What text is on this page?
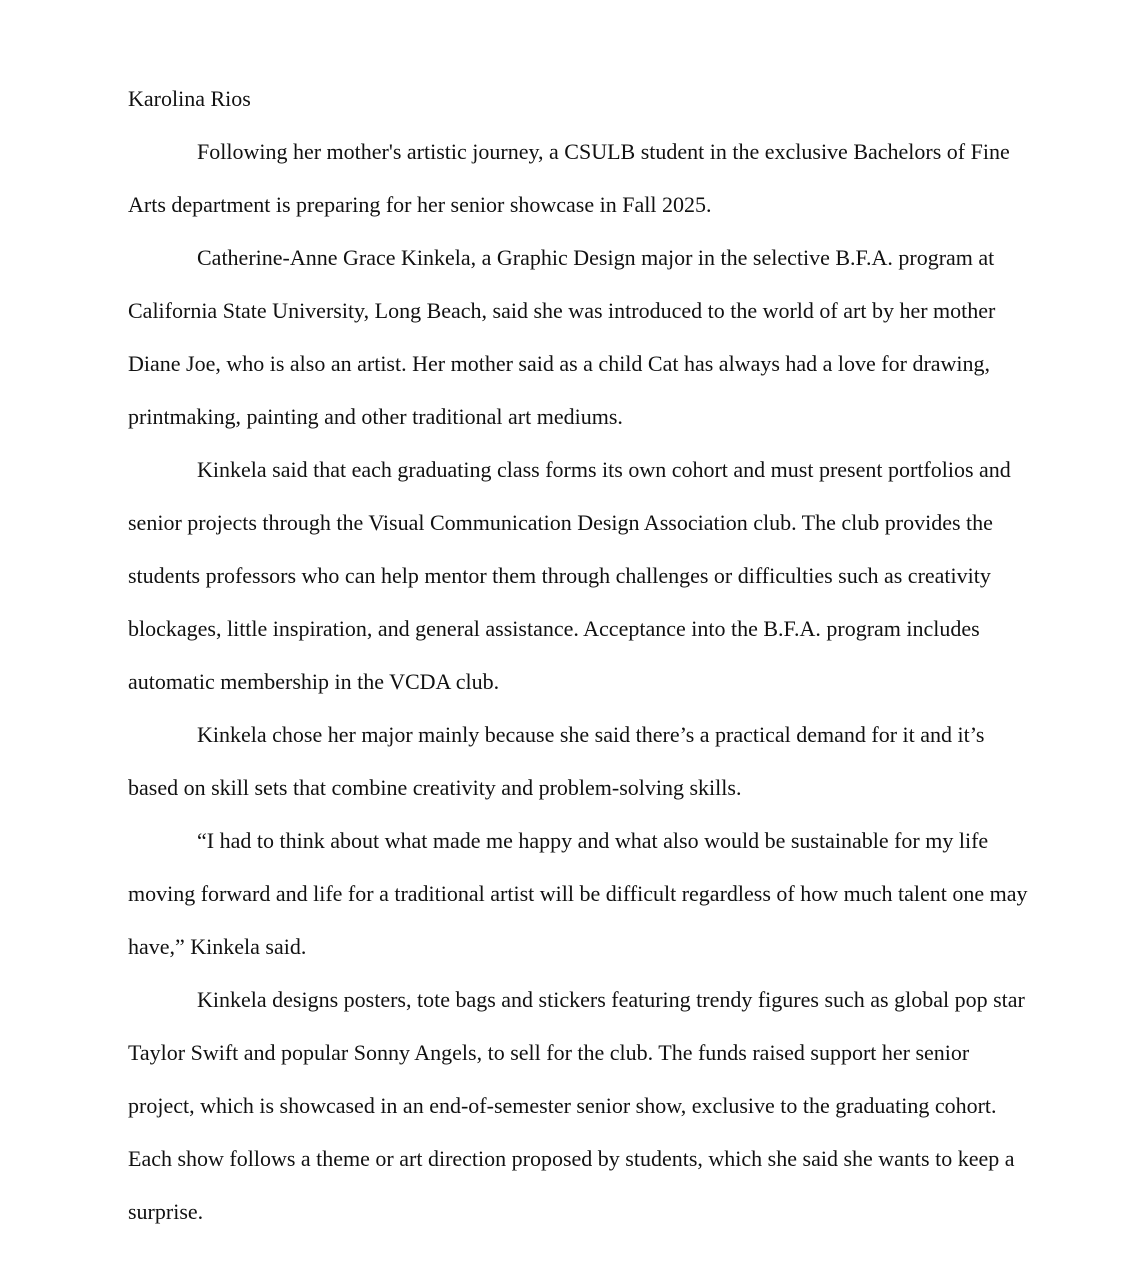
Karolina Rios

Following her mother's artistic journey, a CSULB student in the exclusive Bachelors of Fine Arts department is preparing for her senior showcase in Fall 2025.

Catherine-Anne Grace Kinkela, a Graphic Design major in the selective B.F.A. program at California State University, Long Beach, said she was introduced to the world of art by her mother Diane Joe, who is also an artist. Her mother said as a child Cat has always had a love for drawing, printmaking, painting and other traditional art mediums.

Kinkela said that each graduating class forms its own cohort and must present portfolios and senior projects through the Visual Communication Design Association club. The club provides the students professors who can help mentor them through challenges or difficulties such as creativity blockages, little inspiration, and general assistance. Acceptance into the B.F.A. program includes automatic membership in the VCDA club.

Kinkela chose her major mainly because she said there’s a practical demand for it and it’s based on skill sets that combine creativity and problem-solving skills.

“I had to think about what made me happy and what also would be sustainable for my life moving forward and life for a traditional artist will be difficult regardless of how much talent one may have,” Kinkela said.

Kinkela designs posters, tote bags and stickers featuring trendy figures such as global pop star Taylor Swift and popular Sonny Angels, to sell for the club. The funds raised support her senior project, which is showcased in an end-of-semester senior show, exclusive to the graduating cohort. Each show follows a theme or art direction proposed by students, which she said she wants to keep a surprise.
